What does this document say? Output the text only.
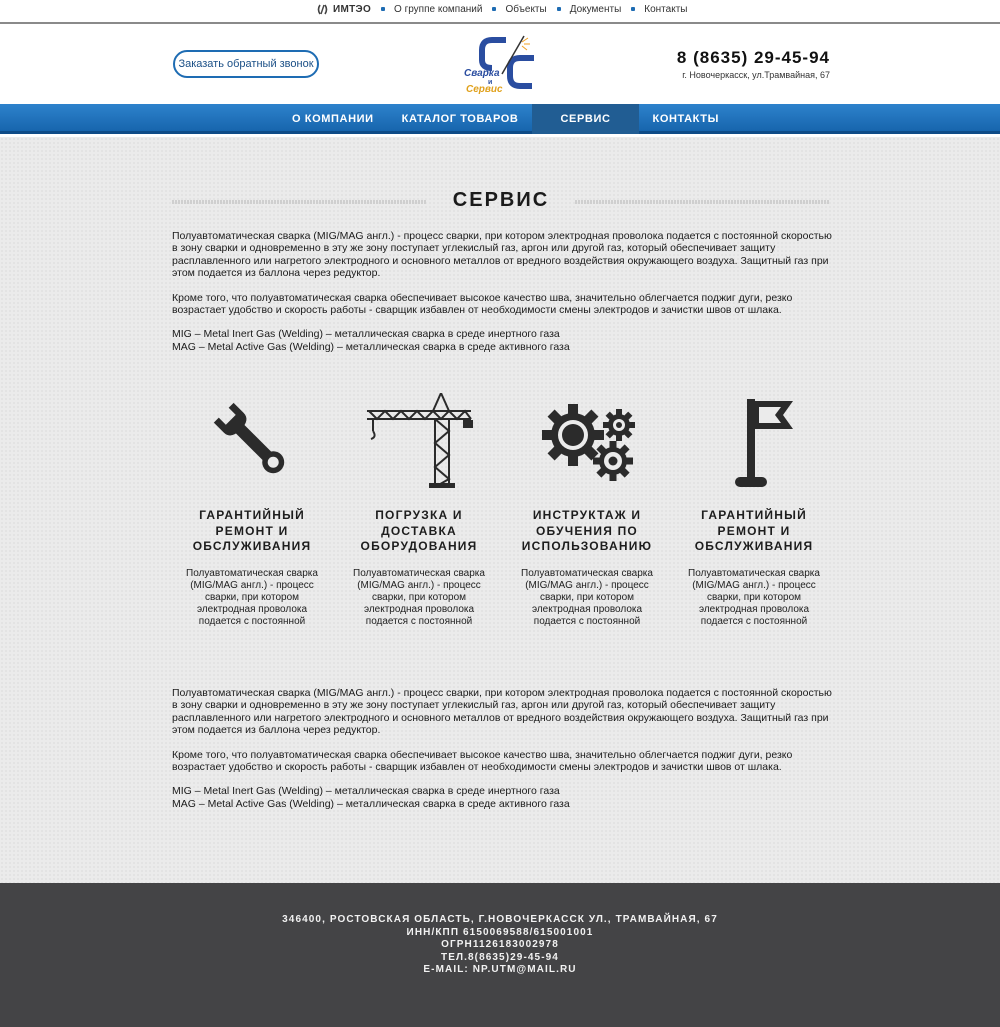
ИМТЭО О группе компаний Объекты Документы Контакты
Заказать обратный звонок
Сварка
и
Сервис
8 (8635) 29-45-94
г. Новочеркасск, ул.Трамвайная, 67
О КОМПАНИИ	КАТАЛОГ ТОВАРОВ	СЕРВИС	КОНТАКТЫ
СЕРВИС

Полуавтоматическая сварка (MIG/MAG англ.) - процесс сварки, при котором электродная проволока подается с постоянной скоростью в зону сварки и одновременно в эту же зону поступает углекислый газ, аргон или другой газ, который обеспечивает защиту расплавленного или нагретого электродного и основного металлов от вредного воздействия окружающего воздуха. Защитный газ при этом подается из баллона через редуктор.

Кроме того, что полуавтоматическая сварка обеспечивает высокое качество шва, значительно облегчается поджиг дуги, резко возрастает удобство и скорость работы - сварщик избавлен от необходимости смены электродов и зачистки швов от шлака.

MIG – Metal Inert Gas (Welding) – металлическая сварка в среде инертного газа

MAG – Metal Active Gas (Welding) – металлическая сварка в среде активного газа

ГАРАНТИЙНЫЙ РЕМОНТ И ОБСЛУЖИВАНИЯ
Полуавтоматическая сварка (MIG/MAG англ.) - процесс сварки, при котором электродная проволока подается с постоянной
ПОГРУЗКА И ДОСТАВКА ОБОРУДОВАНИЯ
Полуавтоматическая сварка (MIG/MAG англ.) - процесс сварки, при котором электродная проволока подается с постоянной
ИНСТРУКТАЖ И ОБУЧЕНИЯ ПО ИСПОЛЬЗОВАНИЮ
Полуавтоматическая сварка (MIG/MAG англ.) - процесс сварки, при котором электродная проволока подается с постоянной
ГАРАНТИЙНЫЙ РЕМОНТ И ОБСЛУЖИВАНИЯ
Полуавтоматическая сварка (MIG/MAG англ.) - процесс сварки, при котором электродная проволока подается с постоянной

Полуавтоматическая сварка (MIG/MAG англ.) - процесс сварки, при котором электродная проволока подается с постоянной скоростью в зону сварки и одновременно в эту же зону поступает углекислый газ, аргон или другой газ, который обеспечивает защиту расплавленного или нагретого электродного и основного металлов от вредного воздействия окружающего воздуха. Защитный газ при этом подается из баллона через редуктор.

Кроме того, что полуавтоматическая сварка обеспечивает высокое качество шва, значительно облегчается поджиг дуги, резко возрастает удобство и скорость работы - сварщик избавлен от необходимости смены электродов и зачистки швов от шлака.

MIG – Metal Inert Gas (Welding) – металлическая сварка в среде инертного газа

MAG – Metal Active Gas (Welding) – металлическая сварка в среде активного газа

346400, РОСТОВСКАЯ ОБЛАСТЬ, Г.НОВОЧЕРКАССК УЛ., ТРАМВАЙНАЯ, 67
ИНН/КПП 6150069588/615001001
ОГРН1126183002978
ТЕЛ.8(8635)29-45-94
E-MAIL: NP.UTM@MAIL.RU
